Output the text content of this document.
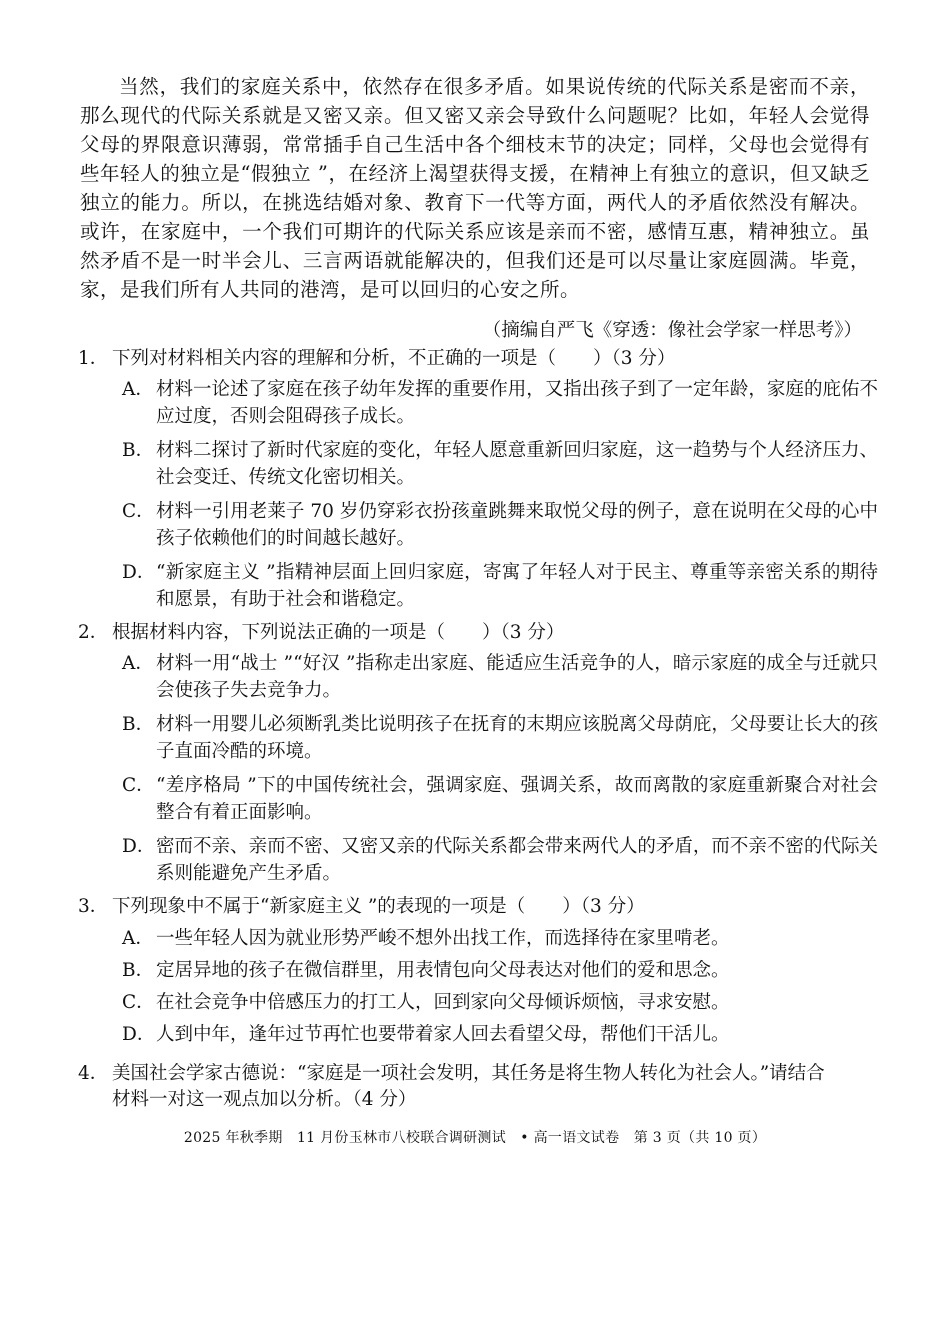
当然，我们的家庭关系中，依然存在很多矛盾。如果说传统的代际关系是密而不亲，那么现代的代际关系就是又密又亲。但又密又亲会导致什么问题呢？比如，年轻人会觉得父母的界限意识薄弱，常常插手自己生活中各个细枝末节的决定；同样，父母也会觉得有些年轻人的独立是“假独立 ”，在经济上渴望获得支援，在精神上有独立的意识，但又缺乏独立的能力。所以，在挑选结婚对象、教育下一代等方面，两代人的矛盾依然没有解决。或许，在家庭中，一个我们可期许的代际关系应该是亲而不密，感情互惠，精神独立。虽然矛盾不是一时半会儿、三言两语就能解决的，但我们还是可以尽量让家庭圆满。毕竟，家，是我们所有人共同的港湾，是可以回归的心安之所。

（摘编自严飞《穿透：像社会学家一样思考》）

1． 下列对材料相关内容的理解和分析，不正确的一项是（　　）（3 分）
A． 材料一论述了家庭在孩子幼年发挥的重要作用，又指出孩子到了一定年龄，家庭的庇佑不应过度，否则会阻碍孩子成长。
B． 材料二探讨了新时代家庭的变化，年轻人愿意重新回归家庭，这一趋势与个人经济压力、社会变迁、传统文化密切相关。
C． 材料一引用老莱子 70 岁仍穿彩衣扮孩童跳舞来取悦父母的例子，意在说明在父母的心中孩子依赖他们的时间越长越好。
D． “新家庭主义 ”指精神层面上回归家庭，寄寓了年轻人对于民主、尊重等亲密关系的期待和愿景，有助于社会和谐稳定。
2． 根据材料内容，下列说法正确的一项是（　　）（3 分）
A． 材料一用“战士 ”“好汉 ”指称走出家庭、能适应生活竞争的人，暗示家庭的成全与迁就只会使孩子失去竞争力。
B． 材料一用婴儿必须断乳类比说明孩子在抚育的末期应该脱离父母荫庇，父母要让长大的孩子直面冷酷的环境。
C． “差序格局 ”下的中国传统社会，强调家庭、强调关系，故而离散的家庭重新聚合对社会整合有着正面影响。
D． 密而不亲、亲而不密、又密又亲的代际关系都会带来两代人的矛盾，而不亲不密的代际关系则能避免产生矛盾。
3． 下列现象中不属于“新家庭主义 ”的表现的一项是（　　）（3 分）
A． 一些年轻人因为就业形势严峻不想外出找工作，而选择待在家里啃老。
B． 定居异地的孩子在微信群里，用表情包向父母表达对他们的爱和思念。
C． 在社会竞争中倍感压力的打工人，回到家向父母倾诉烦恼，寻求安慰。
D． 人到中年，逢年过节再忙也要带着家人回去看望父母，帮他们干活儿。
4． 美国社会学家古德说：“家庭是一项社会发明，其任务是将生物人转化为社会人。”请结合材料一对这一观点加以分析。（4 分）
2025 年秋季期　11 月份玉林市八校联合调研测试　• 高一语文试卷　第 3 页（共 10 页）
